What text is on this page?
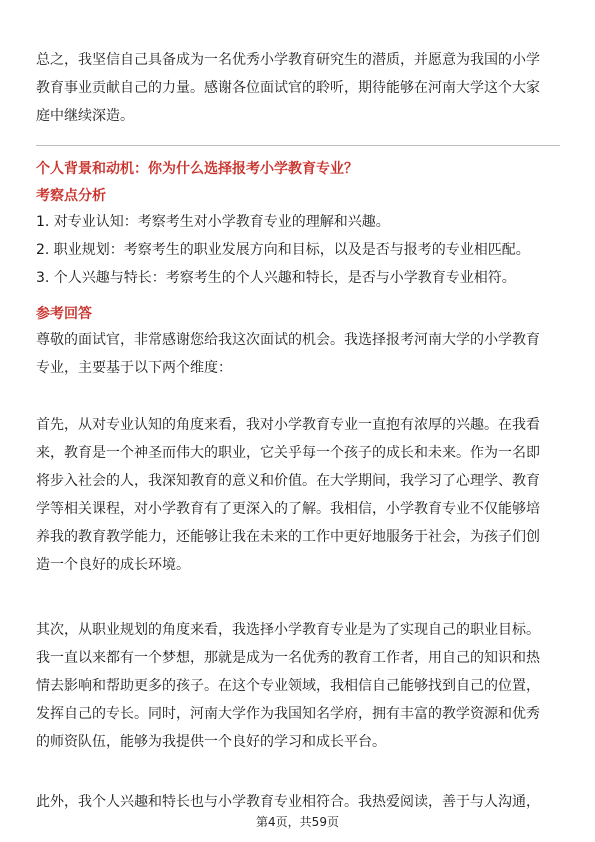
总之，我坚信自己具备成为一名优秀小学教育研究生的潜质，并愿意为我国的小学
教育事业贡献自己的力量。感谢各位面试官的聆听，期待能够在河南大学这个大家
庭中继续深造。

个人背景和动机：你为什么选择报考小学教育专业？

考察点分析

1. 对专业认知：考察考生对小学教育专业的理解和兴趣。
2. 职业规划：考察考生的职业发展方向和目标，以及是否与报考的专业相匹配。
3. 个人兴趣与特长：考察考生的个人兴趣和特长，是否与小学教育专业相符。

参考回答

尊敬的面试官，非常感谢您给我这次面试的机会。我选择报考河南大学的小学教育
专业，主要基于以下两个维度：

首先，从对专业认知的角度来看，我对小学教育专业一直抱有浓厚的兴趣。在我看
来，教育是一个神圣而伟大的职业，它关乎每一个孩子的成长和未来。作为一名即
将步入社会的人，我深知教育的意义和价值。在大学期间，我学习了心理学、教育
学等相关课程，对小学教育有了更深入的了解。我相信，小学教育专业不仅能够培
养我的教育教学能力，还能够让我在未来的工作中更好地服务于社会，为孩子们创
造一个良好的成长环境。

其次，从职业规划的角度来看，我选择小学教育专业是为了实现自己的职业目标。
我一直以来都有一个梦想，那就是成为一名优秀的教育工作者，用自己的知识和热
情去影响和帮助更多的孩子。在这个专业领域，我相信自己能够找到自己的位置，
发挥自己的专长。同时，河南大学作为我国知名学府，拥有丰富的教学资源和优秀
的师资队伍，能够为我提供一个良好的学习和成长平台。

此外，我个人兴趣和特长也与小学教育专业相符合。我热爱阅读，善于与人沟通，

第4页，共59页
